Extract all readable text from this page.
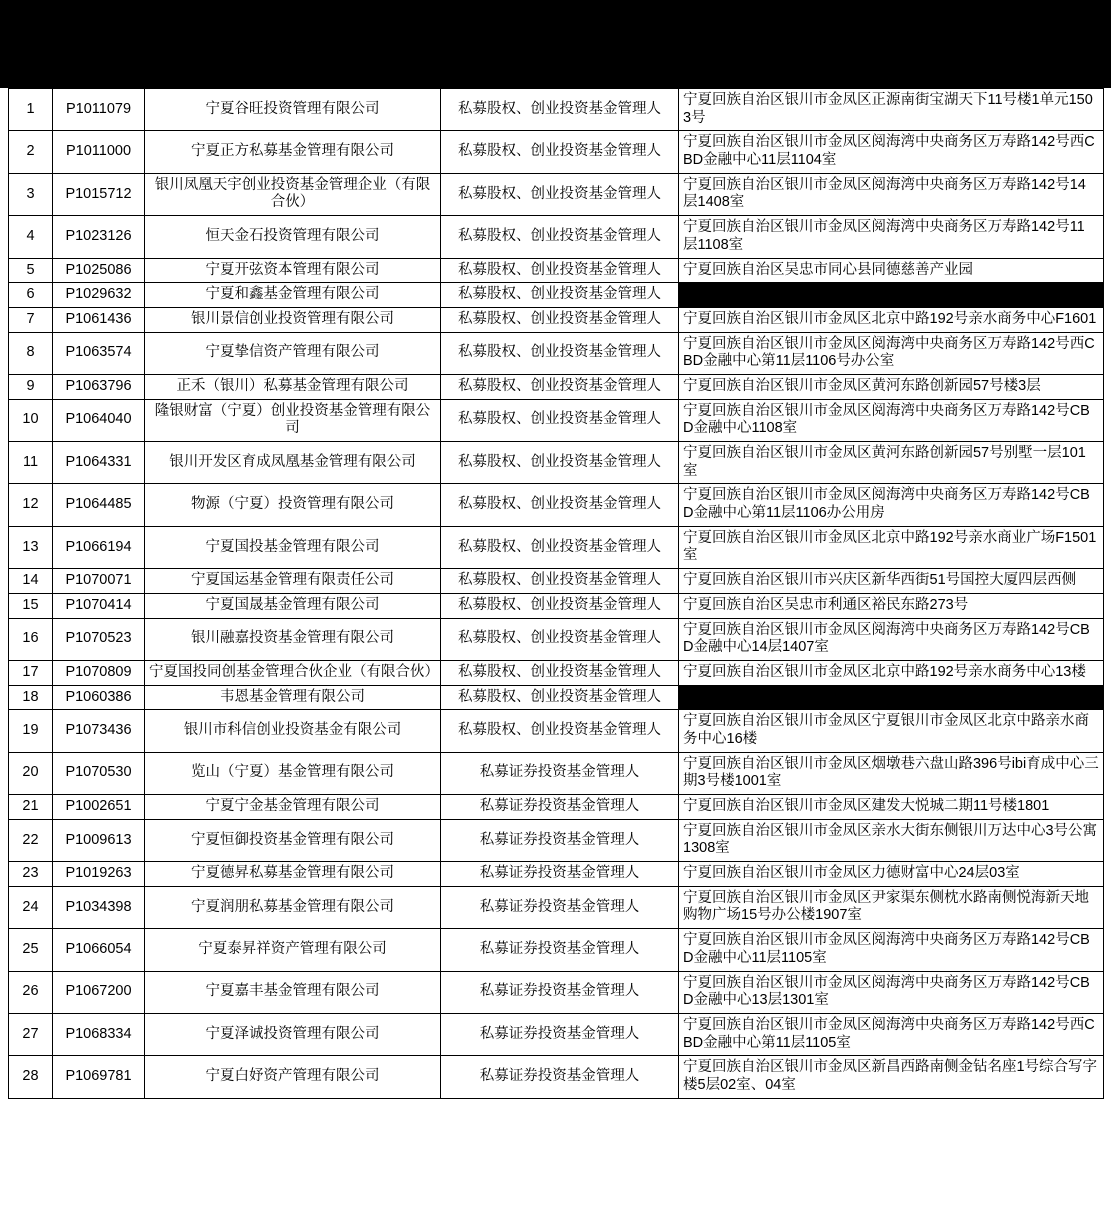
1	P1011079	宁夏谷旺投资管理有限公司	私募股权、创业投资基金管理人	宁夏回族自治区银川市金凤区正源南街宝湖天下11号楼1单元1503号
2	P1011000	宁夏正方私募基金管理有限公司	私募股权、创业投资基金管理人	宁夏回族自治区银川市金凤区阅海湾中央商务区万寿路142号西CBD金融中心11层1104室
3	P1015712	银川凤凰天宇创业投资基金管理企业（有限合伙）	私募股权、创业投资基金管理人	宁夏回族自治区银川市金凤区阅海湾中央商务区万寿路142号14层1408室
4	P1023126	恒天金石投资管理有限公司	私募股权、创业投资基金管理人	宁夏回族自治区银川市金凤区阅海湾中央商务区万寿路142号11层1108室
5	P1025086	宁夏开弦资本管理有限公司	私募股权、创业投资基金管理人	宁夏回族自治区吴忠市同心县同德慈善产业园
6	P1029632	宁夏和鑫基金管理有限公司	私募股权、创业投资基金管理人	
7	P1061436	银川景信创业投资管理有限公司	私募股权、创业投资基金管理人	宁夏回族自治区银川市金凤区北京中路192号亲水商务中心F1601
8	P1063574	宁夏挚信资产管理有限公司	私募股权、创业投资基金管理人	宁夏回族自治区银川市金凤区阅海湾中央商务区万寿路142号西CBD金融中心第11层1106号办公室
9	P1063796	正禾（银川）私募基金管理有限公司	私募股权、创业投资基金管理人	宁夏回族自治区银川市金凤区黄河东路创新园57号楼3层
10	P1064040	隆银财富（宁夏）创业投资基金管理有限公司	私募股权、创业投资基金管理人	宁夏回族自治区银川市金凤区阅海湾中央商务区万寿路142号CBD金融中心1108室
11	P1064331	银川开发区育成凤凰基金管理有限公司	私募股权、创业投资基金管理人	宁夏回族自治区银川市金凤区黄河东路创新园57号别墅一层101室
12	P1064485	物源（宁夏）投资管理有限公司	私募股权、创业投资基金管理人	宁夏回族自治区银川市金凤区阅海湾中央商务区万寿路142号CBD金融中心第11层1106办公用房
13	P1066194	宁夏国投基金管理有限公司	私募股权、创业投资基金管理人	宁夏回族自治区银川市金凤区北京中路192号亲水商业广场F1501室
14	P1070071	宁夏国运基金管理有限责任公司	私募股权、创业投资基金管理人	宁夏回族自治区银川市兴庆区新华西街51号国控大厦四层西侧
15	P1070414	宁夏国晟基金管理有限公司	私募股权、创业投资基金管理人	宁夏回族自治区吴忠市利通区裕民东路273号
16	P1070523	银川融嘉投资基金管理有限公司	私募股权、创业投资基金管理人	宁夏回族自治区银川市金凤区阅海湾中央商务区万寿路142号CBD金融中心14层1407室
17	P1070809	宁夏国投同创基金管理合伙企业（有限合伙）	私募股权、创业投资基金管理人	宁夏回族自治区银川市金凤区北京中路192号亲水商务中心13楼
18	P1060386	韦恩基金管理有限公司	私募股权、创业投资基金管理人	
19	P1073436	银川市科信创业投资基金有限公司	私募股权、创业投资基金管理人	宁夏回族自治区银川市金凤区宁夏银川市金凤区北京中路亲水商务中心16楼
20	P1070530	览山（宁夏）基金管理有限公司	私募证券投资基金管理人	宁夏回族自治区银川市金凤区烟墩巷六盘山路396号ibi育成中心三期3号楼1001室
21	P1002651	宁夏宁金基金管理有限公司	私募证券投资基金管理人	宁夏回族自治区银川市金凤区建发大悦城二期11号楼1801
22	P1009613	宁夏恒御投资基金管理有限公司	私募证券投资基金管理人	宁夏回族自治区银川市金凤区亲水大街东侧银川万达中心3号公寓1308室
23	P1019263	宁夏德昇私募基金管理有限公司	私募证券投资基金管理人	宁夏回族自治区银川市金凤区力德财富中心24层03室
24	P1034398	宁夏润朋私募基金管理有限公司	私募证券投资基金管理人	宁夏回族自治区银川市金凤区尹家渠东侧枕水路南侧悦海新天地购物广场15号办公楼1907室
25	P1066054	宁夏泰昇祥资产管理有限公司	私募证券投资基金管理人	宁夏回族自治区银川市金凤区阅海湾中央商务区万寿路142号CBD金融中心11层1105室
26	P1067200	宁夏嘉丰基金管理有限公司	私募证券投资基金管理人	宁夏回族自治区银川市金凤区阅海湾中央商务区万寿路142号CBD金融中心13层1301室
27	P1068334	宁夏泽诚投资管理有限公司	私募证券投资基金管理人	宁夏回族自治区银川市金凤区阅海湾中央商务区万寿路142号西CBD金融中心第11层1105室
28	P1069781	宁夏白妤资产管理有限公司	私募证券投资基金管理人	宁夏回族自治区银川市金凤区新昌西路南侧金钻名座1号综合写字楼5层02室、04室
